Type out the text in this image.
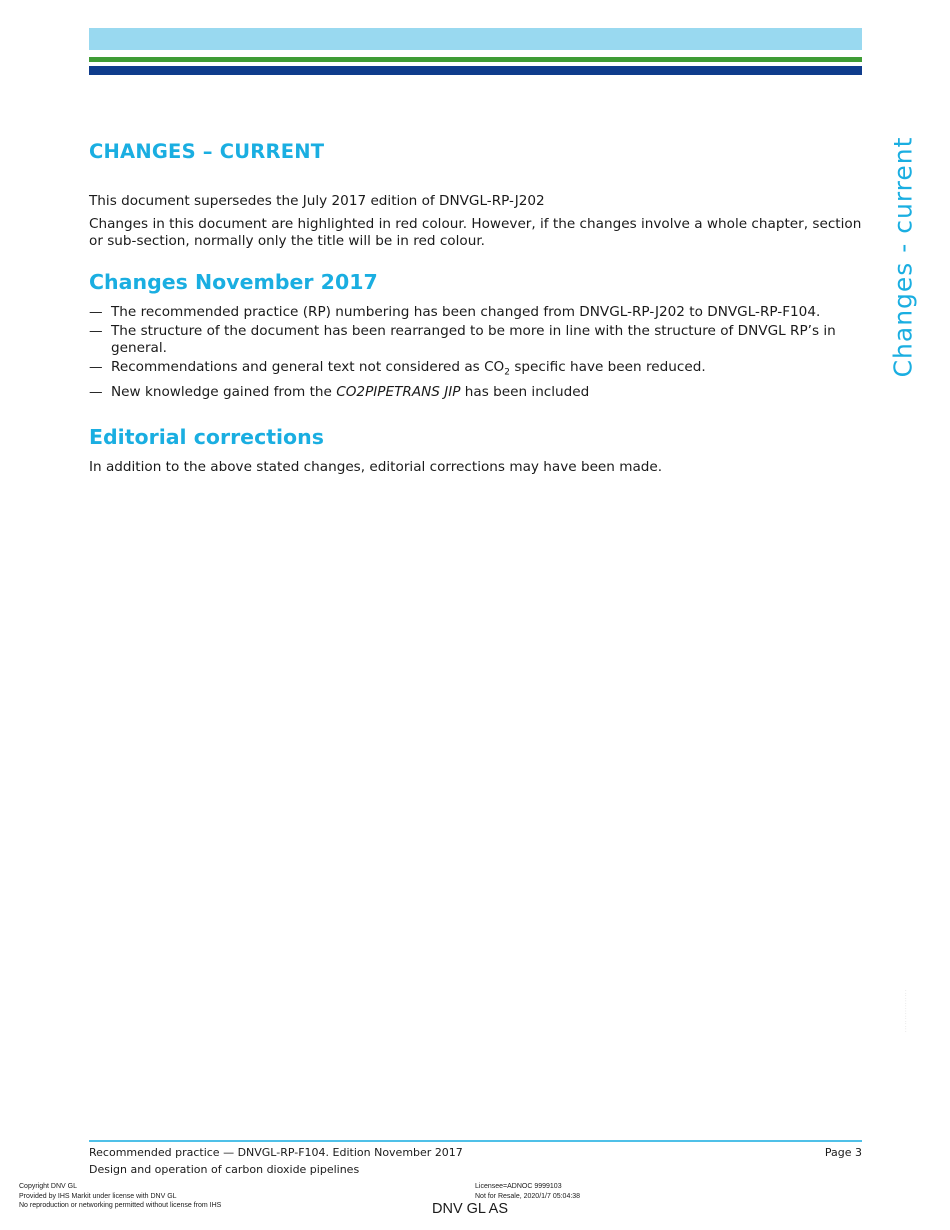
CHANGES – CURRENT

This document supersedes the July 2017 edition of DNVGL-RP-J202

Changes in this document are highlighted in red colour. However, if the changes involve a whole chapter, section or sub-section, normally only the title will be in red colour.

Changes November 2017
— The recommended practice (RP) numbering has been changed from DNVGL-RP-J202 to DNVGL-RP-F104.
— The structure of the document has been rearranged to be more in line with the structure of DNVGL RP’s in general.
— Recommendations and general text not considered as $CO_2$ specific have been reduced.
— New knowledge gained from the CO2PIPETRANS JIP has been included
Editorial corrections

In addition to the above stated changes, editorial corrections may have been made.

Changes - current
· · · · · · · · · · · · · · · · ·
Recommended practice — DNVGL-RP-F104. Edition November 2017
Design and operation of carbon dioxide pipelines
Page 3
Copyright DNV GL
Provided by IHS Markit under license with DNV GL
No reproduction or networking permitted without license from IHS
Licensee=ADNOC 9999103
Not for Resale, 2020/1/7 05:04:38
DNV GL AS
